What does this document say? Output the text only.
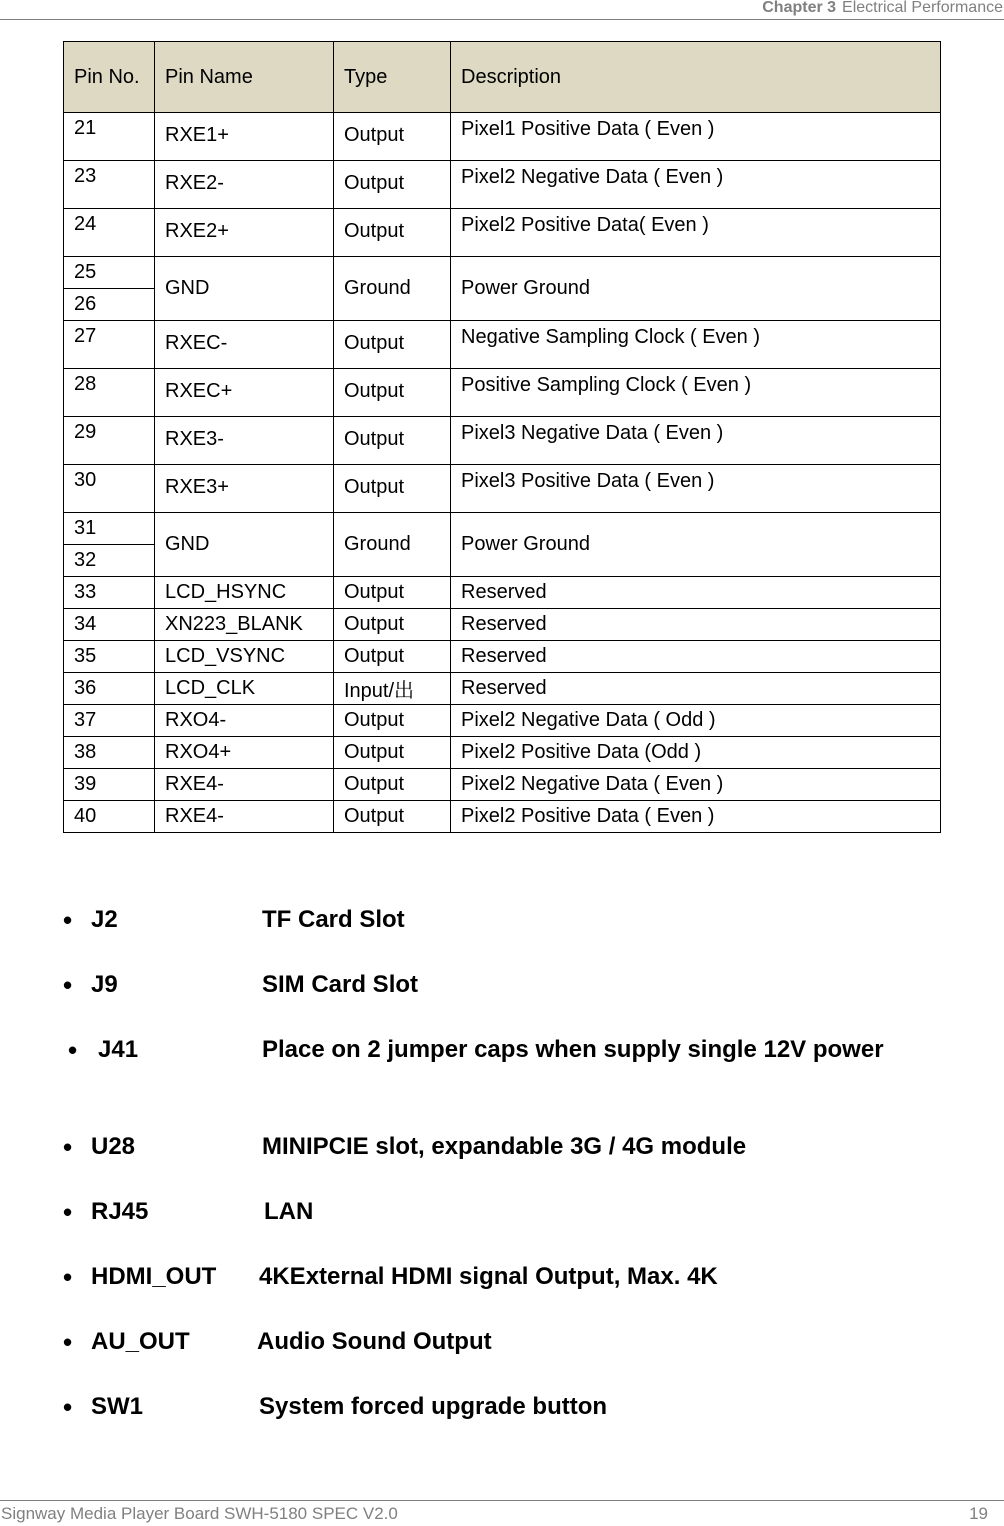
Chapter 3 Electrical Performance
Pin No.	Pin Name	Type	Description
21	RXE1+	Output	Pixel1 Positive Data ( Even )
23	RXE2-	Output	Pixel2 Negative Data ( Even )
24	RXE2+	Output	Pixel2 Positive Data( Even )
25	GND	Ground	Power Ground
26			
27	RXEC-	Output	Negative Sampling Clock ( Even )
28	RXEC+	Output	Positive Sampling Clock ( Even )
29	RXE3-	Output	Pixel3 Negative Data ( Even )
30	RXE3+	Output	Pixel3 Positive Data ( Even )
31	GND	Ground	Power Ground
32			
33	LCD_HSYNC	Output	Reserved
34	XN223_BLANK	Output	Reserved
35	LCD_VSYNC	Output	Reserved
36	LCD_CLK	Input/出	Reserved
37	RXO4-	Output	Pixel2 Negative Data ( Odd )
38	RXO4+	Output	Pixel2 Positive Data (Odd )
39	RXE4-	Output	Pixel2 Negative Data ( Even )
40	RXE4-	Output	Pixel2 Positive Data ( Even )
• J2	TF Card Slot
• J9	SIM Card Slot
• J41	Place on 2 jumper caps when supply single 12V power
• U28	MINIPCIE slot, expandable 3G / 4G module
• RJ45	LAN
• HDMI_OUT 4KExternal HDMI signal Output, Max. 4K
• AU_OUT	Audio Sound Output
• SW1	System forced upgrade button
Signway Media Player Board SWH-5180 SPEC V2.0	19
